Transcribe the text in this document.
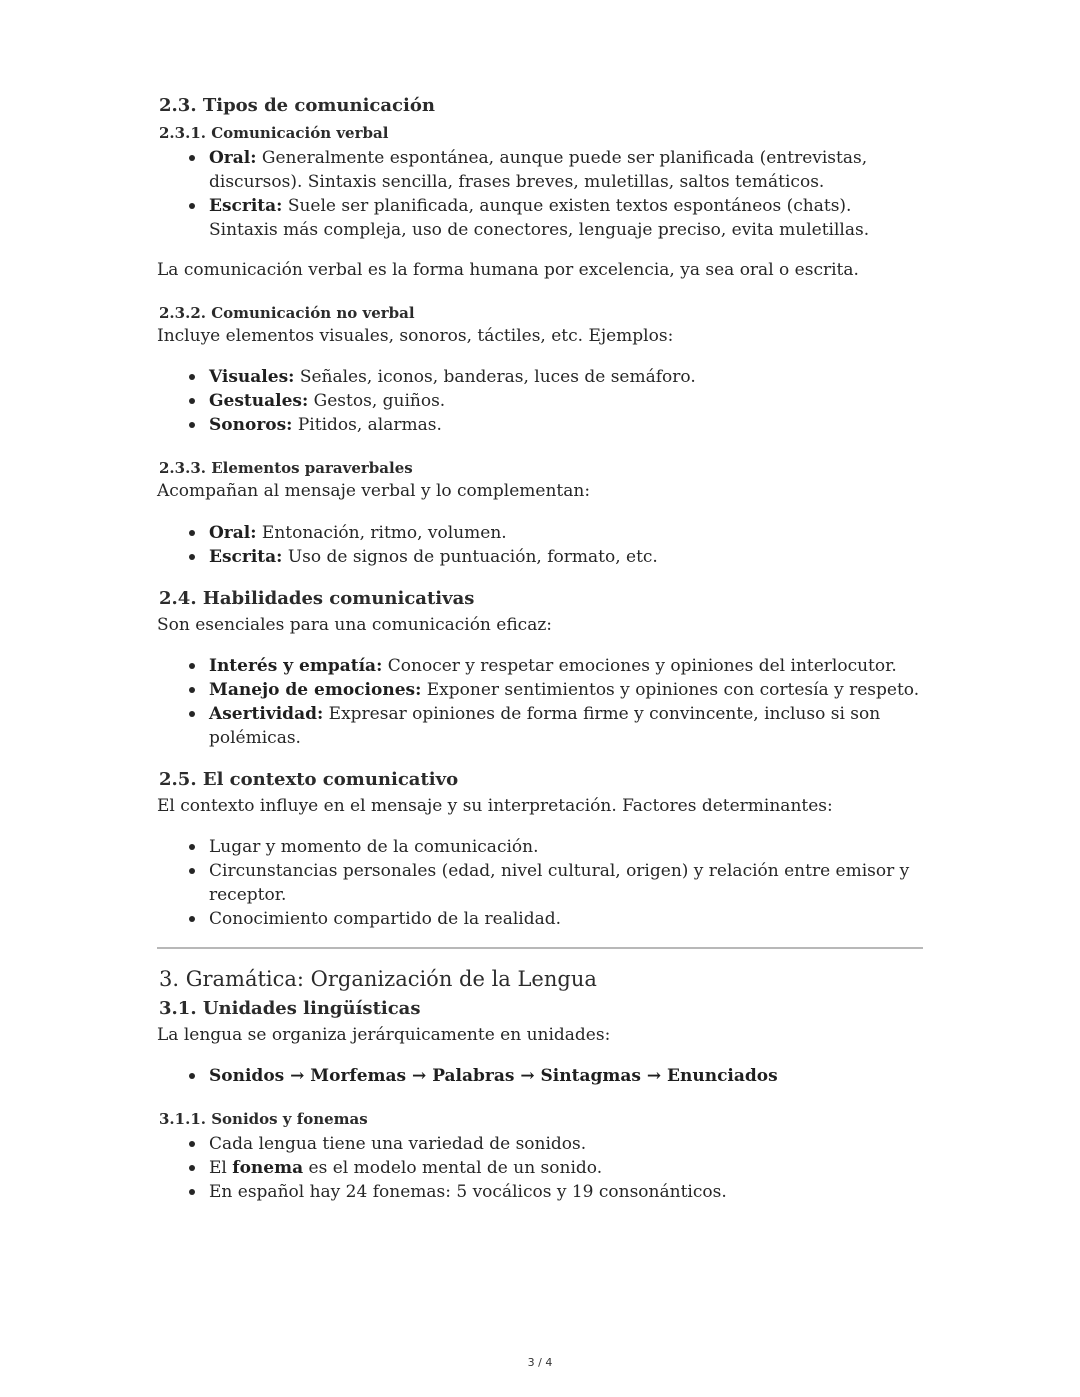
2.3. Tipos de comunicación
2.3.1. Comunicación verbal
Oral: Generalmente espontánea, aunque puede ser planificada (entrevistas, discursos). Sintaxis sencilla, frases breves, muletillas, saltos temáticos.
Escrita: Suele ser planificada, aunque existen textos espontáneos (chats). Sintaxis más compleja, uso de conectores, lenguaje preciso, evita muletillas.

La comunicación verbal es la forma humana por excelencia, ya sea oral o escrita.

2.3.2. Comunicación no verbal

Incluye elementos visuales, sonoros, táctiles, etc. Ejemplos:

Visuales: Señales, iconos, banderas, luces de semáforo.
Gestuales: Gestos, guiños.
Sonoros: Pitidos, alarmas.
2.3.3. Elementos paraverbales

Acompañan al mensaje verbal y lo complementan:

Oral: Entonación, ritmo, volumen.
Escrita: Uso de signos de puntuación, formato, etc.
2.4. Habilidades comunicativas

Son esenciales para una comunicación eficaz:

Interés y empatía: Conocer y respetar emociones y opiniones del interlocutor.
Manejo de emociones: Exponer sentimientos y opiniones con cortesía y respeto.
Asertividad: Expresar opiniones de forma firme y convincente, incluso si son polémicas.
2.5. El contexto comunicativo

El contexto influye en el mensaje y su interpretación. Factores determinantes:

Lugar y momento de la comunicación.
Circunstancias personales (edad, nivel cultural, origen) y relación entre emisor y receptor.
Conocimiento compartido de la realidad.
3. Gramática: Organización de la Lengua
3.1. Unidades lingüísticas

La lengua se organiza jerárquicamente en unidades:

Sonidos → Morfemas → Palabras → Sintagmas → Enunciados
3.1.1. Sonidos y fonemas
Cada lengua tiene una variedad de sonidos.
El fonema es el modelo mental de un sonido.
En español hay 24 fonemas: 5 vocálicos y 19 consonánticos.
3 / 4
